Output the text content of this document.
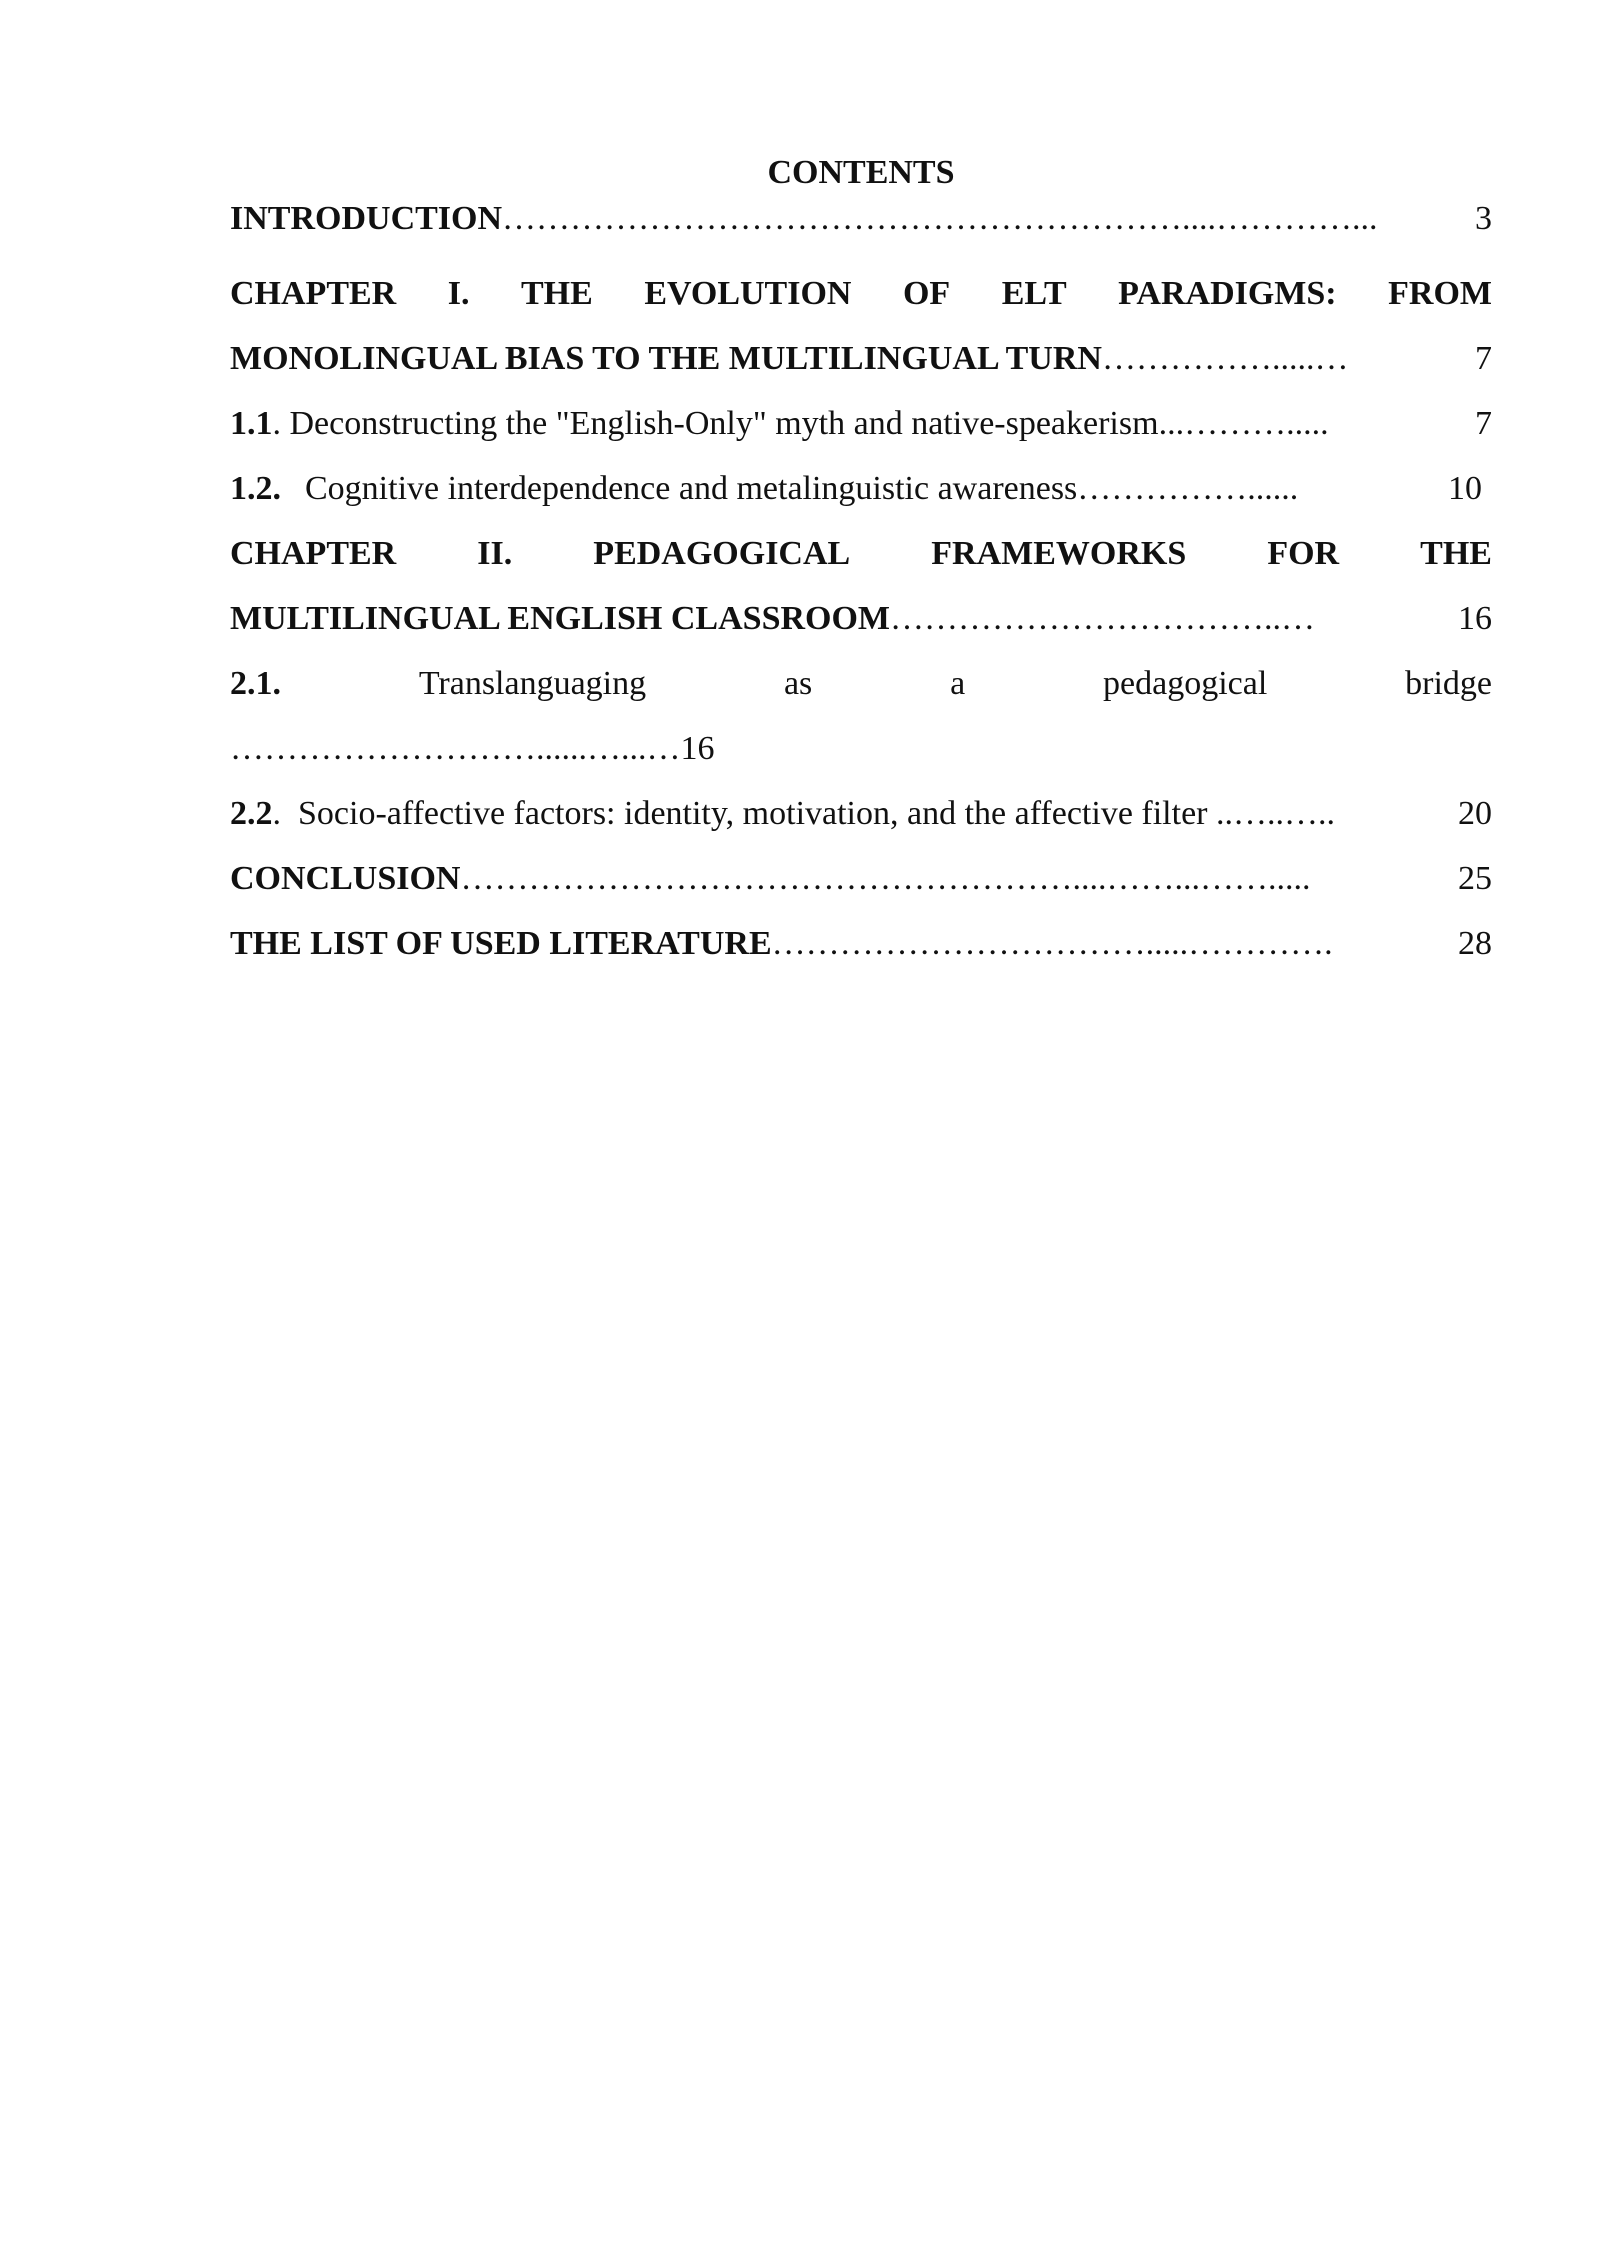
CONTENTS
INTRODUCTION ……………………………………………………....…………...	3
CHAPTER I. THE EVOLUTION OF ELT PARADIGMS: FROM
MONOLINGUAL BIAS TO THE MULTILINGUAL TURN …………….....…	7
1.1. Deconstructing the "English-Only" myth and native-speakerism ...……….....	7
1.2. Cognitive interdependence and metalinguistic awareness ……………......	10
CHAPTER II. PEDAGOGICAL FRAMEWORKS FOR THE
MULTILINGUAL ENGLISH CLASSROOM ……………………………..…	16
2.1.	Translanguaging	as	a	pedagogical	bridge
………………………......…...…16
2.2.  Socio-affective factors: identity, motivation, and the affective filter ..…..…..	20
CONCLUSION ………………………………………………....……...…….....	25
THE LIST OF USED LITERATURE …………………………….....………….	28
